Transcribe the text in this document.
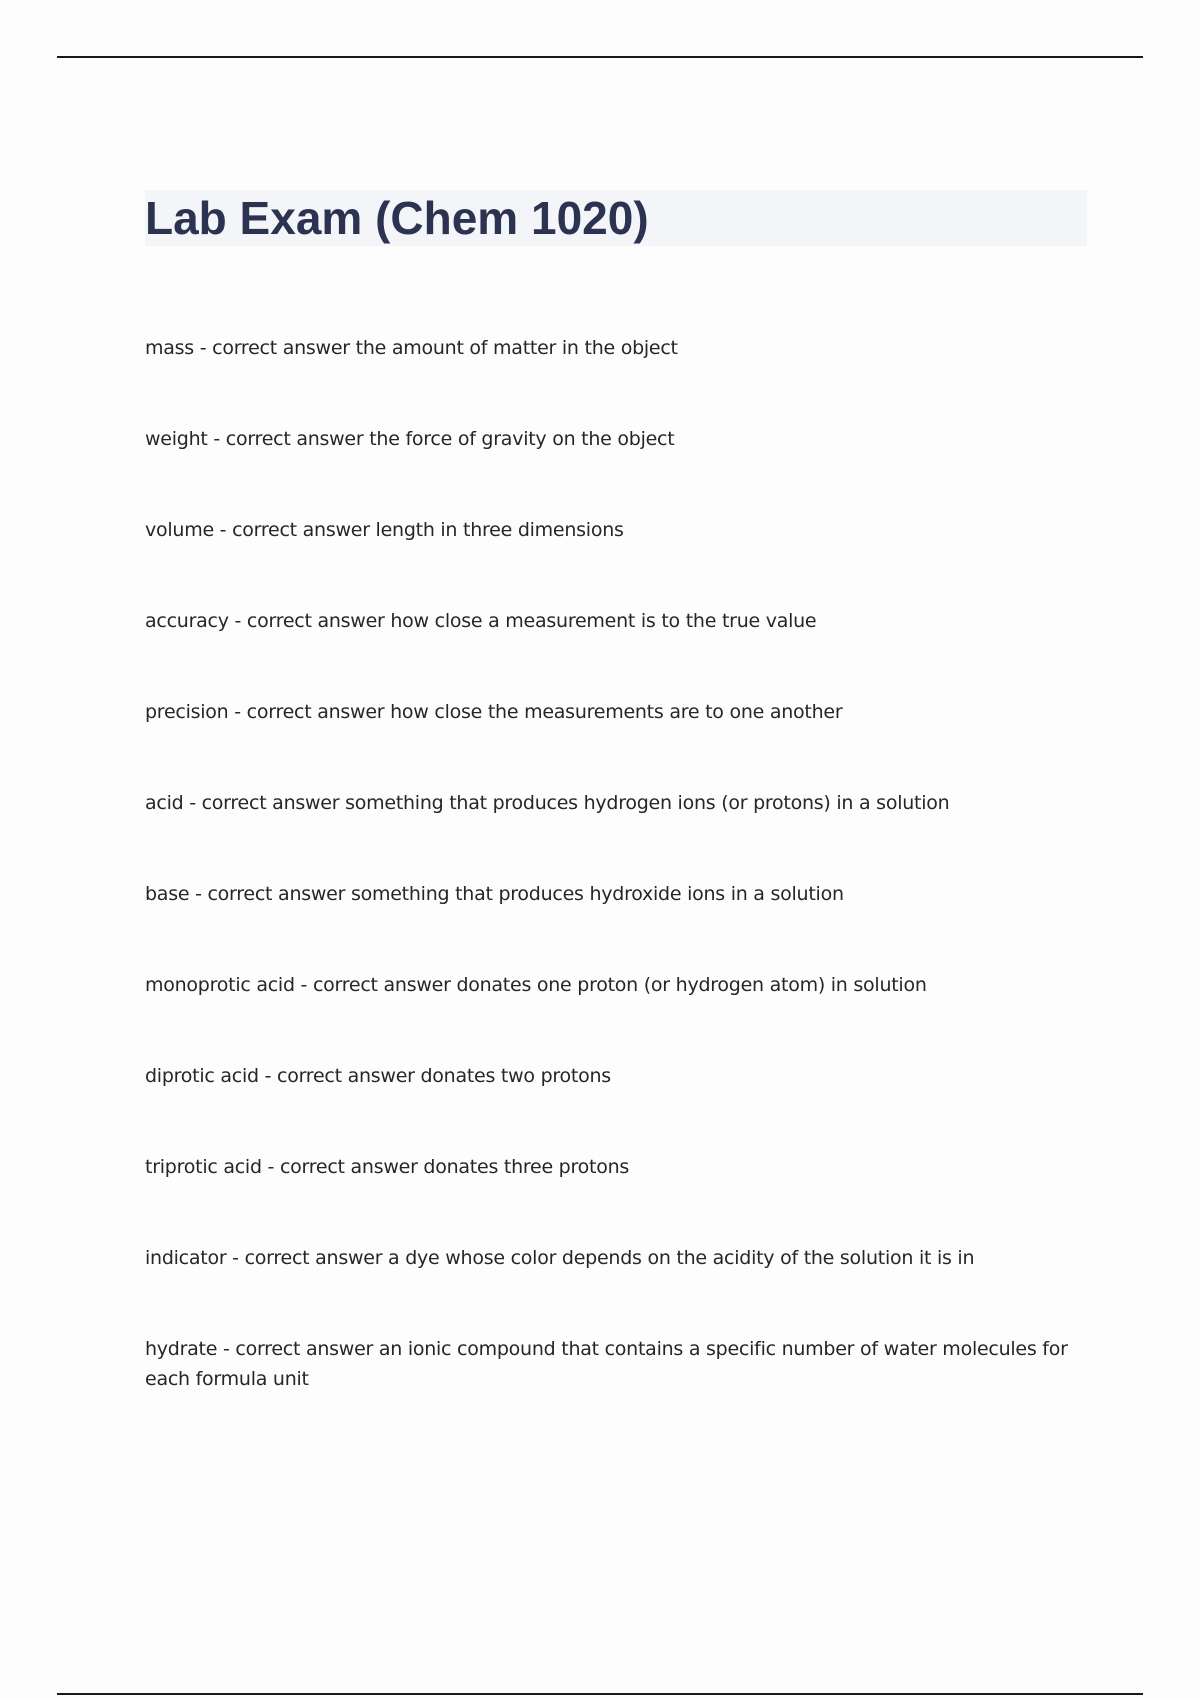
Lab Exam (Chem 1020)
mass - correct answer the amount of matter in the object
weight - correct answer the force of gravity on the object
volume - correct answer length in three dimensions
accuracy - correct answer how close a measurement is to the true value
precision - correct answer how close the measurements are to one another
acid - correct answer something that produces hydrogen ions (or protons) in a solution
base - correct answer something that produces hydroxide ions in a solution
monoprotic acid - correct answer donates one proton (or hydrogen atom) in solution
diprotic acid - correct answer donates two protons
triprotic acid - correct answer donates three protons
indicator - correct answer a dye whose color depends on the acidity of the solution it is in
hydrate - correct answer an ionic compound that contains a specific number of water molecules for each formula unit
